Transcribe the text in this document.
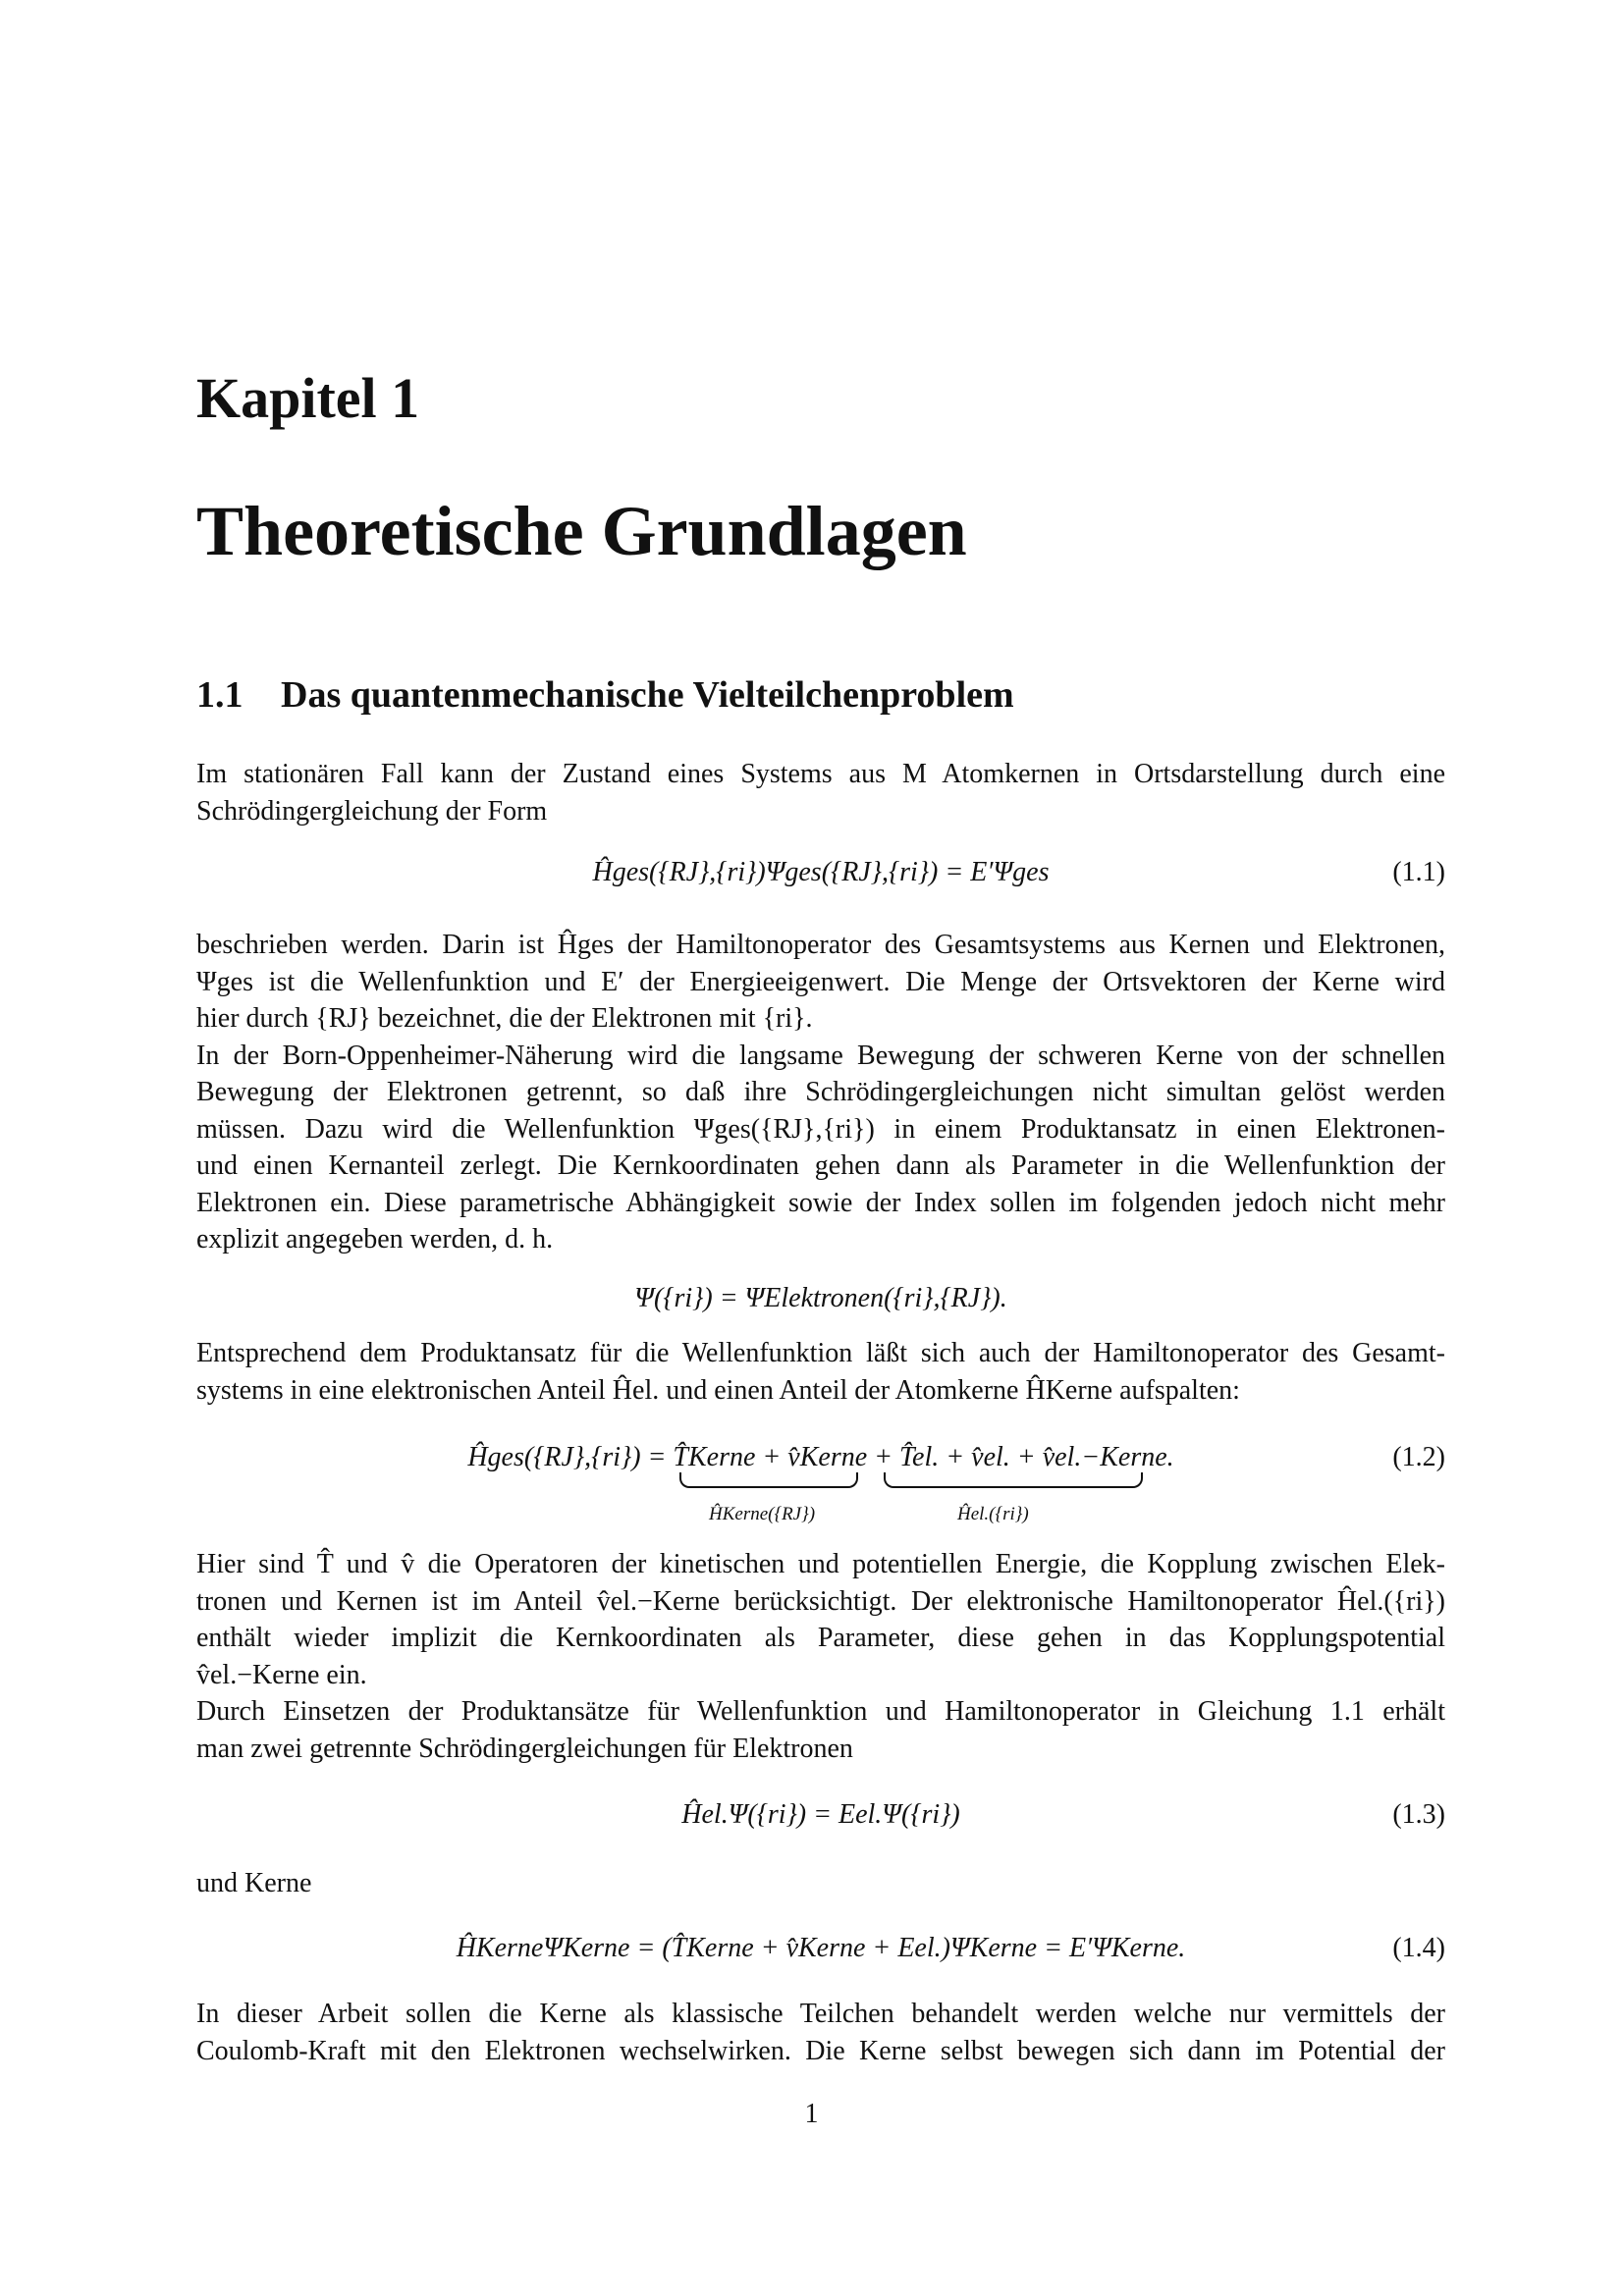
Kapitel 1
Theoretische Grundlagen
1.1 Das quantenmechanische Vielteilchenproblem
Im stationären Fall kann der Zustand eines Systems aus M Atomkernen in Ortsdarstellung durch eine
Schrödingergleichung der Form
Ĥges({RJ},{ri})Ψges({RJ},{ri}) = E′Ψges	(1.1)
beschrieben werden. Darin ist Ĥges der Hamiltonoperator des Gesamtsystems aus Kernen und Elektronen,
Ψges ist die Wellenfunktion und E′ der Energieeigenwert. Die Menge der Ortsvektoren der Kerne wird
hier durch {RJ} bezeichnet, die der Elektronen mit {ri}.
In der Born-Oppenheimer-Näherung wird die langsame Bewegung der schweren Kerne von der schnellen
Bewegung der Elektronen getrennt, so daß ihre Schrödingergleichungen nicht simultan gelöst werden
müssen. Dazu wird die Wellenfunktion Ψges({RJ},{ri}) in einem Produktansatz in einen Elektronen-
und einen Kernanteil zerlegt. Die Kernkoordinaten gehen dann als Parameter in die Wellenfunktion der
Elektronen ein. Diese parametrische Abhängigkeit sowie der Index sollen im folgenden jedoch nicht mehr
explizit angegeben werden, d. h.
Ψ({ri}) = ΨElektronen({ri},{RJ}).
Entsprechend dem Produktansatz für die Wellenfunktion läßt sich auch der Hamiltonoperator des Gesamt-
systems in eine elektronischen Anteil Ĥel. und einen Anteil der Atomkerne ĤKerne aufspalten:
Ĥges({RJ},{ri}) = T̂Kerne + v̂Kerne + T̂el. + v̂el. + v̂el.−Kerne.	(1.2)
ĤKerne({RJ})	Ĥel.({ri})
Hier sind T̂ und v̂ die Operatoren der kinetischen und potentiellen Energie, die Kopplung zwischen Elek-
tronen und Kernen ist im Anteil v̂el.−Kerne berücksichtigt. Der elektronische Hamiltonoperator Ĥel.({ri})
enthält wieder implizit die Kernkoordinaten als Parameter, diese gehen in das Kopplungspotential
v̂el.−Kerne ein.
Durch Einsetzen der Produktansätze für Wellenfunktion und Hamiltonoperator in Gleichung 1.1 erhält
man zwei getrennte Schrödingergleichungen für Elektronen
Ĥel.Ψ({ri}) = Eel.Ψ({ri})	(1.3)
und Kerne
ĤKerneΨKerne = (T̂Kerne + v̂Kerne + Eel.)ΨKerne = E′ΨKerne.	(1.4)
In dieser Arbeit sollen die Kerne als klassische Teilchen behandelt werden welche nur vermittels der
Coulomb-Kraft mit den Elektronen wechselwirken. Die Kerne selbst bewegen sich dann im Potential der
1
